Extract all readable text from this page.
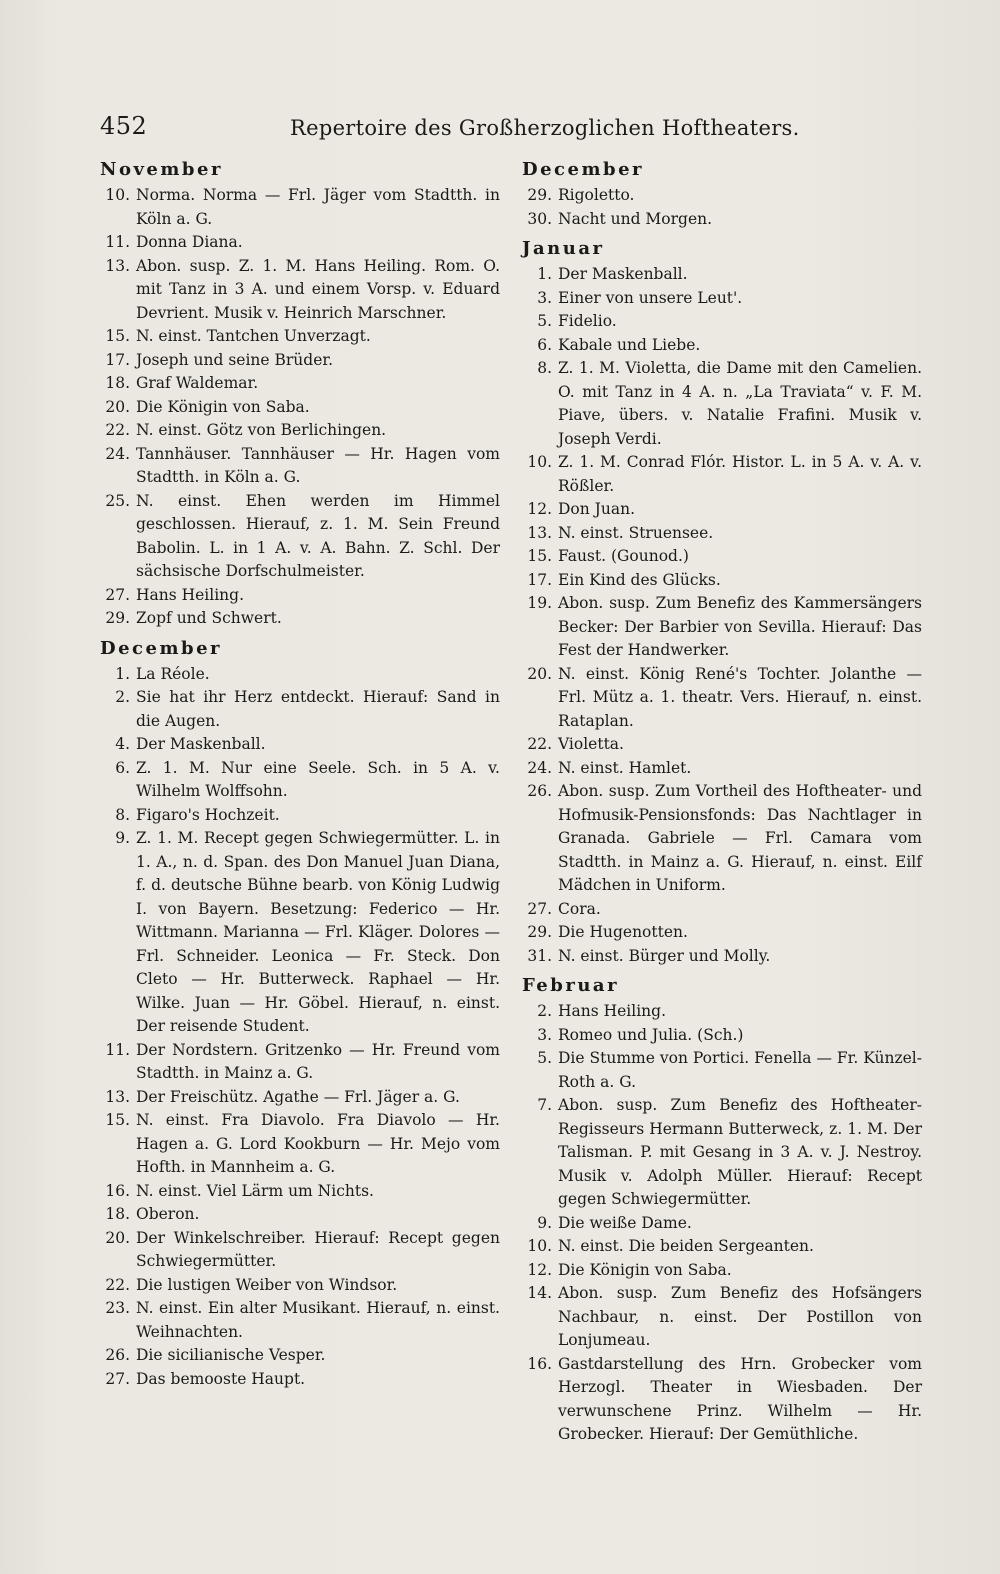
452	Repertoire des Großherzoglichen Hoftheaters.
November
10. Norma. Norma — Frl. Jäger vom Stadtth. in Köln a. G.
11. Donna Diana.
13. Abon. susp. Z. 1. M. Hans Heiling. Rom. O. mit Tanz in 3 A. und einem Vorsp. v. Eduard Devrient. Musik v. Heinrich Marschner.
15. N. einst. Tantchen Unverzagt.
17. Joseph und seine Brüder.
18. Graf Waldemar.
20. Die Königin von Saba.
22. N. einst. Götz von Berlichingen.
24. Tannhäuser. Tannhäuser — Hr. Hagen vom Stadtth. in Köln a. G.
25. N. einst. Ehen werden im Himmel geschlossen. Hierauf, z. 1. M. Sein Freund Babolin. L. in 1 A. v. A. Bahn. Z. Schl. Der sächsische Dorfschulmeister.
27. Hans Heiling.
29. Zopf und Schwert.
December
1. La Réole.
2. Sie hat ihr Herz entdeckt. Hierauf: Sand in die Augen.
4. Der Maskenball.
6. Z. 1. M. Nur eine Seele. Sch. in 5 A. v. Wilhelm Wolffsohn.
8. Figaro's Hochzeit.
9. Z. 1. M. Recept gegen Schwiegermütter. L. in 1. A., n. d. Span. des Don Manuel Juan Diana, f. d. deutsche Bühne bearb. von König Ludwig I. von Bayern. Besetzung: Federico — Hr. Wittmann. Marianna — Frl. Kläger. Dolores — Frl. Schneider. Leonica — Fr. Steck. Don Cleto — Hr. Butterweck. Raphael — Hr. Wilke. Juan — Hr. Göbel. Hierauf, n. einst. Der reisende Student.
11. Der Nordstern. Gritzenko — Hr. Freund vom Stadtth. in Mainz a. G.
13. Der Freischütz. Agathe — Frl. Jäger a. G.
15. N. einst. Fra Diavolo. Fra Diavolo — Hr. Hagen a. G. Lord Kookburn — Hr. Mejo vom Hofth. in Mannheim a. G.
16. N. einst. Viel Lärm um Nichts.
18. Oberon.
20. Der Winkelschreiber. Hierauf: Recept gegen Schwiegermütter.
22. Die lustigen Weiber von Windsor.
23. N. einst. Ein alter Musikant. Hierauf, n. einst. Weihnachten.
26. Die sicilianische Vesper.
27. Das bemooste Haupt.
December
29. Rigoletto.
30. Nacht und Morgen.
Januar
1. Der Maskenball.
3. Einer von unsere Leut'.
5. Fidelio.
6. Kabale und Liebe.
8. Z. 1. M. Violetta, die Dame mit den Camelien. O. mit Tanz in 4 A. n. „La Traviata“ v. F. M. Piave, übers. v. Natalie Frafini. Musik v. Joseph Verdi.
10. Z. 1. M. Conrad Flór. Histor. L. in 5 A. v. A. v. Rößler.
12. Don Juan.
13. N. einst. Struensee.
15. Faust. (Gounod.)
17. Ein Kind des Glücks.
19. Abon. susp. Zum Benefiz des Kammersängers Becker: Der Barbier von Sevilla. Hierauf: Das Fest der Handwerker.
20. N. einst. König René's Tochter. Jolanthe — Frl. Mütz a. 1. theatr. Vers. Hierauf, n. einst. Rataplan.
22. Violetta.
24. N. einst. Hamlet.
26. Abon. susp. Zum Vortheil des Hoftheater- und Hofmusik-Pensionsfonds: Das Nachtlager in Granada. Gabriele — Frl. Camara vom Stadtth. in Mainz a. G. Hierauf, n. einst. Eilf Mädchen in Uniform.
27. Cora.
29. Die Hugenotten.
31. N. einst. Bürger und Molly.
Februar
2. Hans Heiling.
3. Romeo und Julia. (Sch.)
5. Die Stumme von Portici. Fenella — Fr. Künzel-Roth a. G.
7. Abon. susp. Zum Benefiz des Hoftheater-Regisseurs Hermann Butterweck, z. 1. M. Der Talisman. P. mit Gesang in 3 A. v. J. Nestroy. Musik v. Adolph Müller. Hierauf: Recept gegen Schwiegermütter.
9. Die weiße Dame.
10. N. einst. Die beiden Sergeanten.
12. Die Königin von Saba.
14. Abon. susp. Zum Benefiz des Hofsängers Nachbaur, n. einst. Der Postillon von Lonjumeau.
16. Gastdarstellung des Hrn. Grobecker vom Herzogl. Theater in Wiesbaden. Der verwunschene Prinz. Wilhelm — Hr. Grobecker. Hierauf: Der Gemüthliche.
